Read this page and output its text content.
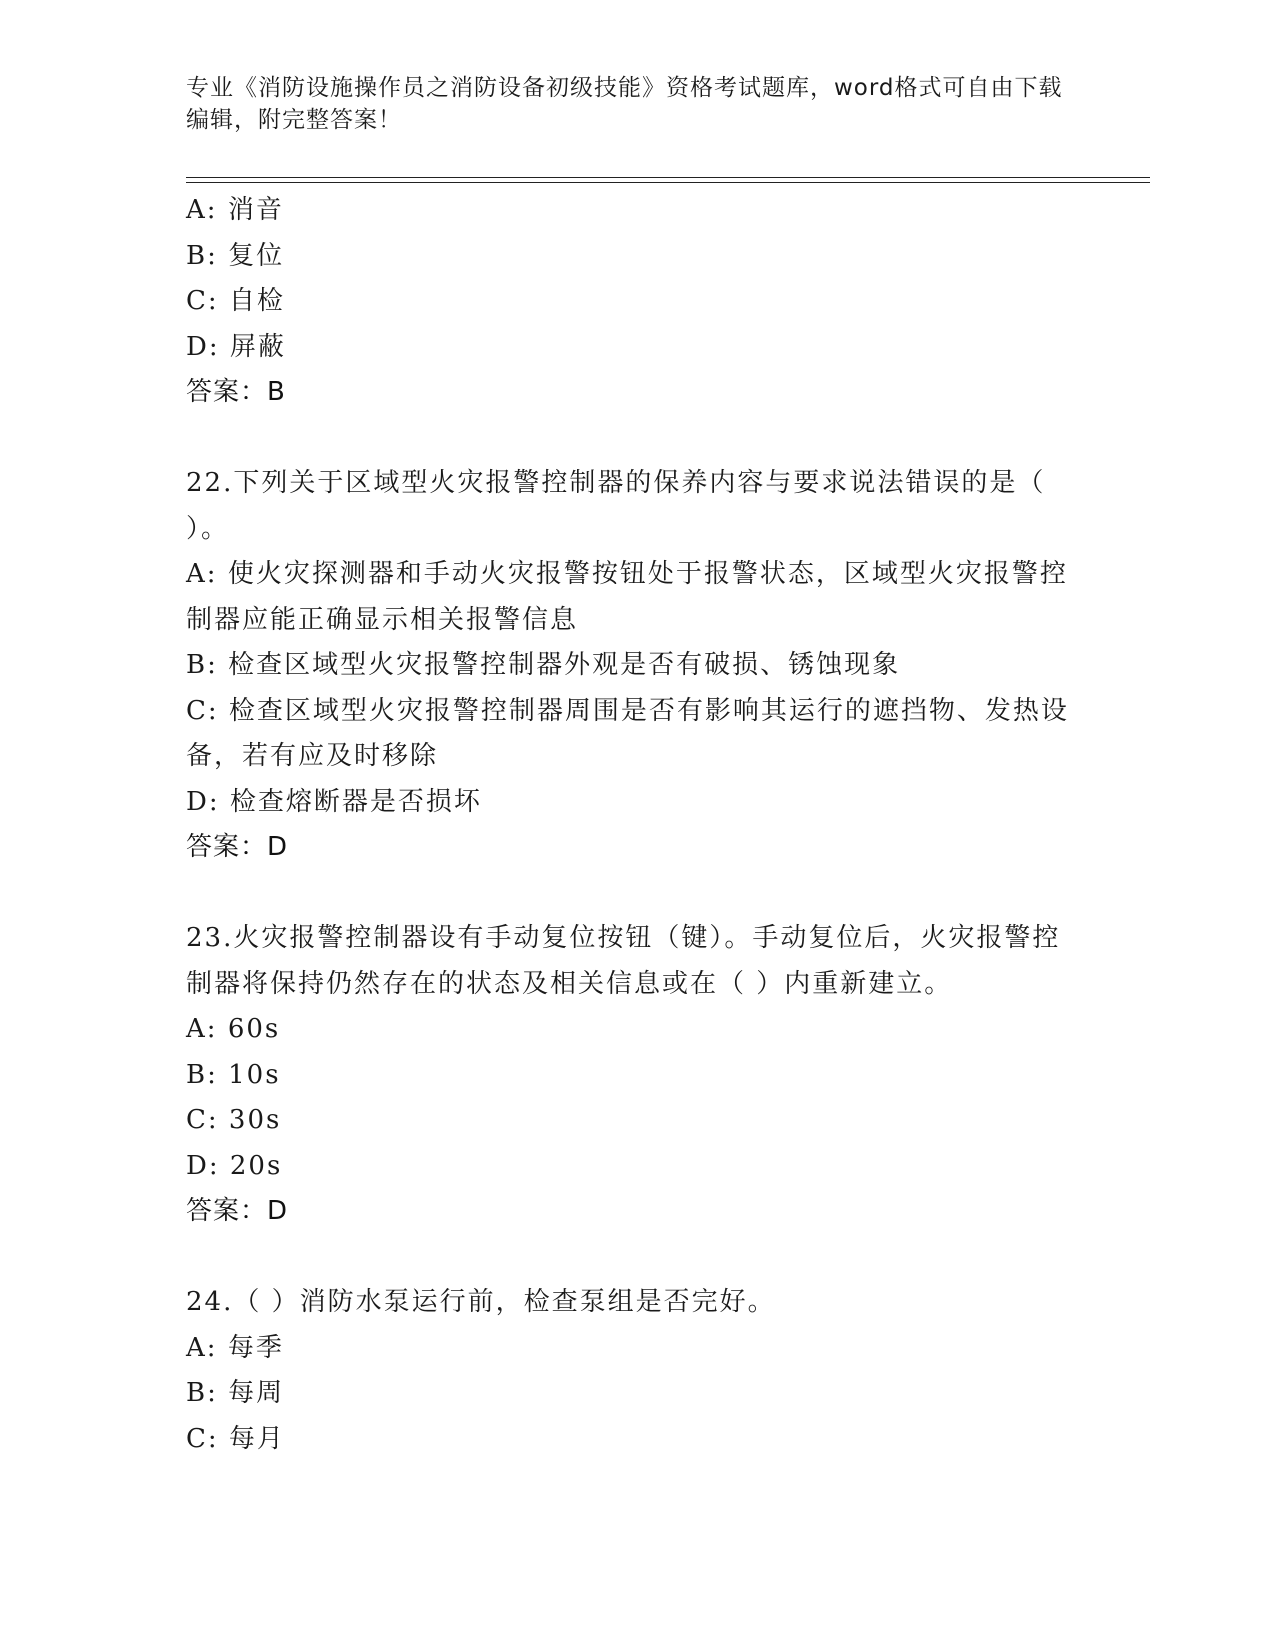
专业《消防设施操作员之消防设备初级技能》资格考试题库，word格式可自由下载编辑，附完整答案！
A: 消音
B: 复位
C: 自检
D: 屏蔽
答案：B
22.下列关于区域型火灾报警控制器的保养内容与要求说法错误的是（ ）。
A: 使火灾探测器和手动火灾报警按钮处于报警状态，区域型火灾报警控制器应能正确显示相关报警信息
B: 检查区域型火灾报警控制器外观是否有破损、锈蚀现象
C: 检查区域型火灾报警控制器周围是否有影响其运行的遮挡物、发热设备，若有应及时移除
D: 检查熔断器是否损坏
答案：D
23.火灾报警控制器设有手动复位按钮（键）。手动复位后，火灾报警控制器将保持仍然存在的状态及相关信息或在（ ）内重新建立。
A: 60s
B: 10s
C: 30s
D: 20s
答案：D
24.（ ）消防水泵运行前，检查泵组是否完好。
A: 每季
B: 每周
C: 每月
